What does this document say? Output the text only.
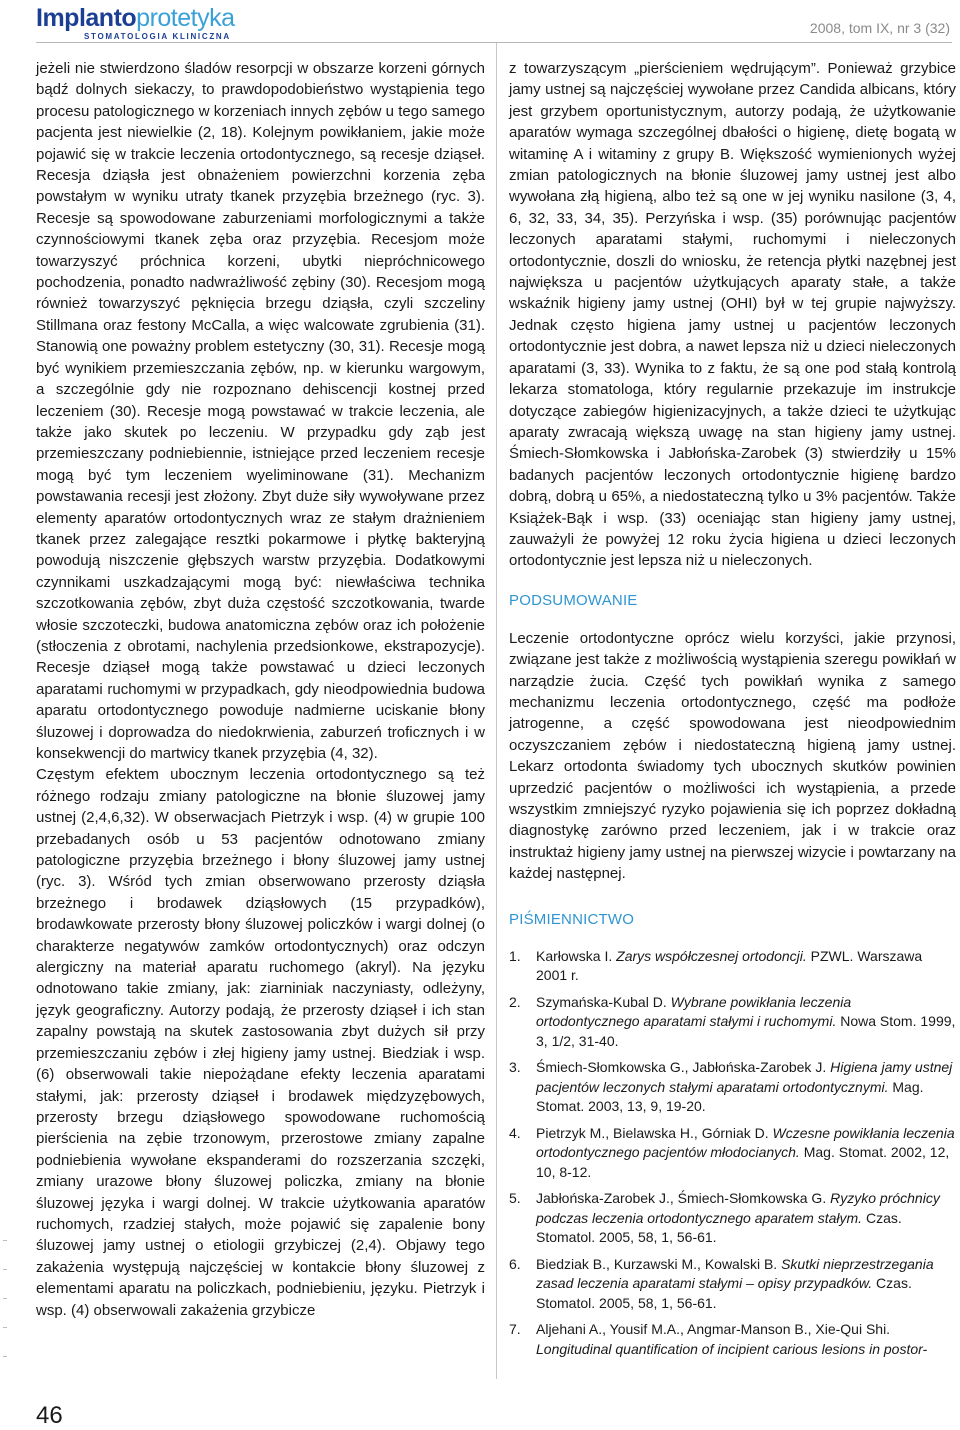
Implantoprotetyka
STOMATOLOGIA KLINICZNA
2008, tom IX, nr 3 (32)

jeżeli nie stwierdzono śladów resorpcji w obszarze korzeni górnych bądź dolnych siekaczy, to prawdopodobieństwo wystąpienia tego procesu patologicznego w korzeniach innych zębów u tego samego pacjenta jest niewielkie (2, 18). Kolejnym powikłaniem, jakie może pojawić się w trakcie leczenia ortodontycznego, są recesje dziąseł. Recesja dziąsła jest obnażeniem powierzchni korzenia zęba powstałym w wyniku utraty tkanek przyzębia brzeżnego (ryc. 3). Recesje są spowodowane zaburzeniami morfologicznymi a także czynnościowymi tkanek zęba oraz przyzębia. Recesjom może towarzyszyć próchnica korzeni, ubytki niepróchnicowego pochodzenia, ponadto nadwrażliwość zębiny (30). Recesjom mogą również towarzyszyć pęknięcia brzegu dziąsła, czyli szczeliny Stillmana oraz festony McCalla, a więc walcowate zgrubienia (31). Stanowią one poważny problem estetyczny (30, 31). Recesje mogą być wynikiem przemieszczania zębów, np. w kierunku wargowym, a szczególnie gdy nie rozpoznano dehiscencji kostnej przed leczeniem (30). Recesje mogą powstawać w trakcie leczenia, ale także jako skutek po leczeniu. W przypadku gdy ząb jest przemieszczany podniebiennie, istniejące przed leczeniem recesje mogą być tym leczeniem wyeliminowane (31). Mechanizm powstawania recesji jest złożony. Zbyt duże siły wywoływane przez elementy aparatów ortodontycznych wraz ze stałym drażnieniem tkanek przez zalegające resztki pokarmowe i płytkę bakteryjną powodują niszczenie głębszych warstw przyzębia. Dodatkowymi czynnikami uszkadzającymi mogą być: niewłaściwa technika szczotkowania zębów, zbyt duża częstość szczotkowania, twarde włosie szczoteczki, budowa anatomiczna zębów oraz ich położenie (stłoczenia z obrotami, nachylenia przedsionkowe, ekstrapozycje). Recesje dziąseł mogą także powstawać u dzieci leczonych aparatami ruchomymi w przypadkach, gdy nieodpowiednia budowa aparatu ortodontycznego powoduje nadmierne uciskanie błony śluzowej i doprowadza do niedokrwienia, zaburzeń troficznych i w konsekwencji do martwicy tkanek przyzębia (4, 32).

Częstym efektem ubocznym leczenia ortodontycznego są też różnego rodzaju zmiany patologiczne na błonie śluzowej jamy ustnej (2,4,6,32). W obserwacjach Pietrzyk i wsp. (4) w grupie 100 przebadanych osób u 53 pacjentów odnotowano zmiany patologiczne przyzębia brzeżnego i błony śluzowej jamy ustnej (ryc. 3). Wśród tych zmian obserwowano przerosty dziąsła brzeżnego i brodawek dziąsłowych (15 przypadków), brodawkowate przerosty błony śluzowej policzków i wargi dolnej (o charakterze negatywów zamków ortodontycznych) oraz odczyn alergiczny na materiał aparatu ruchomego (akryl). Na języku odnotowano takie zmiany, jak: ziarniniak naczyniasty, odleżyny, język geograficzny. Autorzy podają, że przerosty dziąseł i ich stan zapalny powstają na skutek zastosowania zbyt dużych sił przy przemieszczaniu zębów i złej higieny jamy ustnej. Biedziak i wsp. (6) obserwowali takie niepożądane efekty leczenia aparatami stałymi, jak: przerosty dziąseł i brodawek międzyzębowych, przerosty brzegu dziąsłowego spowodowane ruchomością pierścienia na zębie trzonowym, przerostowe zmiany zapalne podniebienia wywołane ekspanderami do rozszerzania szczęki, zmiany urazowe błony śluzowej policzka, zmiany na błonie śluzowej języka i wargi dolnej. W trakcie użytkowania aparatów ruchomych, rzadziej stałych, może pojawić się zapalenie bony śluzowej jamy ustnej o etiologii grzybiczej (2,4). Objawy tego zakażenia występują najczęściej w kontakcie błony śluzowej z elementami aparatu na policzkach, podniebieniu, języku. Pietrzyk i wsp. (4) obserwowali zakażenia grzybicze

z towarzyszącym „pierścieniem wędrującym”. Ponieważ grzybice jamy ustnej są najczęściej wywołane przez Candida albicans, który jest grzybem oportunistycznym, autorzy podają, że użytkowanie aparatów wymaga szczególnej dbałości o higienę, dietę bogatą w witaminę A i witaminy z grupy B. Większość wymienionych wyżej zmian patologicznych na błonie śluzowej jamy ustnej jest albo wywołana złą higieną, albo też są one w jej wyniku nasilone (3, 4, 6, 32, 33, 34, 35). Perzyńska i wsp. (35) porównując pacjentów leczonych aparatami stałymi, ruchomymi i nieleczonych ortodontycznie, doszli do wniosku, że retencja płytki nazębnej jest największa u pacjentów użytkujących aparaty stałe, a także wskaźnik higieny jamy ustnej (OHI) był w tej grupie najwyższy. Jednak często higiena jamy ustnej u pacjentów leczonych ortodontycznie jest dobra, a nawet lepsza niż u dzieci nieleczonych aparatami (3, 33). Wynika to z faktu, że są one pod stałą kontrolą lekarza stomatologa, który regularnie przekazuje im instrukcje dotyczące zabiegów higienizacyjnych, a także dzieci te użytkując aparaty zwracają większą uwagę na stan higieny jamy ustnej. Śmiech-Słomkowska i Jabłońska-Zarobek (3) stwierdziły u 15% badanych pacjentów leczonych ortodontycznie higienę bardzo dobrą, dobrą u 65%, a niedostateczną tylko u 3% pacjentów. Także Książek-Bąk i wsp. (33) oceniając stan higieny jamy ustnej, zauważyli że powyżej 12 roku życia higiena u dzieci leczonych ortodontycznie jest lepsza niż u nieleczonych.

PODSUMOWANIE

Leczenie ortodontyczne oprócz wielu korzyści, jakie przynosi, związane jest także z możliwością wystąpienia szeregu powikłań w narządzie żucia. Część tych powikłań wynika z samego mechanizmu leczenia ortodontycznego, część ma podłoże jatrogenne, a część spowodowana jest nieodpowiednim oczyszczaniem zębów i niedostateczną higieną jamy ustnej. Lekarz ortodonta świadomy tych ubocznych skutków powinien uprzedzić pacjentów o możliwości ich wystąpienia, a przede wszystkim zmniejszyć ryzyko pojawienia się ich poprzez dokładną diagnostykę zarówno przed leczeniem, jak i w trakcie oraz instruktaż higieny jamy ustnej na pierwszej wizycie i powtarzany na każdej następnej.

PIŚMIENNICTWO
1. Karłowska I. Zarys współczesnej ortodoncji. PZWL. Warszawa 2001 r.
2. Szymańska-Kubal D. Wybrane powikłania leczenia ortodontycznego aparatami stałymi i ruchomymi. Nowa Stom. 1999, 3, 1/2, 31-40.
3. Śmiech-Słomkowska G., Jabłońska-Zarobek J. Higiena jamy ustnej pacjentów leczonych stałymi aparatami ortodontycznymi. Mag. Stomat. 2003, 13, 9, 19-20.
4. Pietrzyk M., Bielawska H., Górniak D. Wczesne powikłania leczenia ortodontycznego pacjentów młodocianych. Mag. Stomat. 2002, 12, 10, 8-12.
5. Jabłońska-Zarobek J., Śmiech-Słomkowska G. Ryzyko próchnicy podczas leczenia ortodontycznego aparatem stałym. Czas. Stomatol. 2005, 58, 1, 56-61.
6. Biedziak B., Kurzawski M., Kowalski B. Skutki nieprzestrzegania zasad leczenia aparatami stałymi – opisy przypadków. Czas. Stomatol. 2005, 58, 1, 56-61.
7. Aljehani A., Yousif M.A., Angmar-Manson B., Xie-Qui Shi. Longitudinal quantification of incipient carious lesions in postor-
46
